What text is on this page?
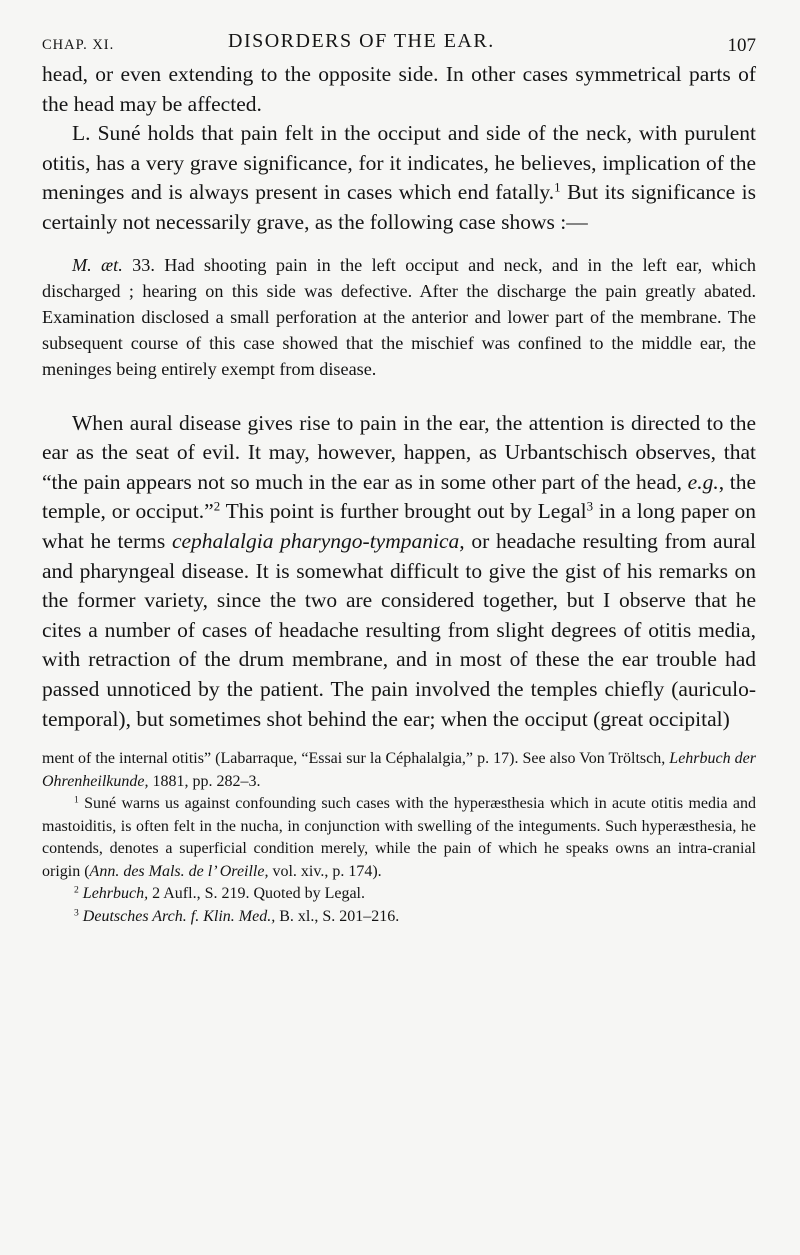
CHAP. XI.	DISORDERS OF THE EAR.	107

head, or even extending to the opposite side. In other cases symmetrical parts of the head may be affected.

L. Suné holds that pain felt in the occiput and side of the neck, with purulent otitis, has a very grave significance, for it indicates, he believes, implication of the meninges and is always present in cases which end fatally.$^1$ But its significance is certainly not necessarily grave, as the following case shows :—

M. æt. 33. Had shooting pain in the left occiput and neck, and in the left ear, which discharged ; hearing on this side was defective. After the discharge the pain greatly abated. Examination disclosed a small perforation at the anterior and lower part of the membrane. The subsequent course of this case showed that the mischief was confined to the middle ear, the meninges being entirely exempt from disease.

When aural disease gives rise to pain in the ear, the attention is directed to the ear as the seat of evil. It may, however, happen, as Urbantschisch observes, that “the pain appears not so much in the ear as in some other part of the head, e.g., the temple, or occiput.”$^2$ This point is further brought out by Legal$^3$ in a long paper on what he terms cephalalgia pharyngo-tympanica, or headache resulting from aural and pharyngeal disease. It is somewhat difficult to give the gist of his remarks on the former variety, since the two are considered together, but I observe that he cites a number of cases of headache resulting from slight degrees of otitis media, with retraction of the drum membrane, and in most of these the ear trouble had passed unnoticed by the patient. The pain involved the temples chiefly (auriculo-temporal), but sometimes shot behind the ear; when the occiput (great occipital)

ment of the internal otitis” (Labarraque, “Essai sur la Céphalalgia,” p. 17). See also Von Tröltsch, Lehrbuch der Ohrenheilkunde, 1881, pp. 282–3.

$^1$ Suné warns us against confounding such cases with the hyperæsthesia which in acute otitis media and mastoiditis, is often felt in the nucha, in conjunction with swelling of the integuments. Such hyperæsthesia, he contends, denotes a superficial condition merely, while the pain of which he speaks owns an intra-cranial origin (Ann. des Mals. de l’ Oreille, vol. xiv., p. 174).

$^2$ Lehrbuch, 2 Aufl., S. 219. Quoted by Legal.

$^3$ Deutsches Arch. f. Klin. Med., B. xl., S. 201–216.
